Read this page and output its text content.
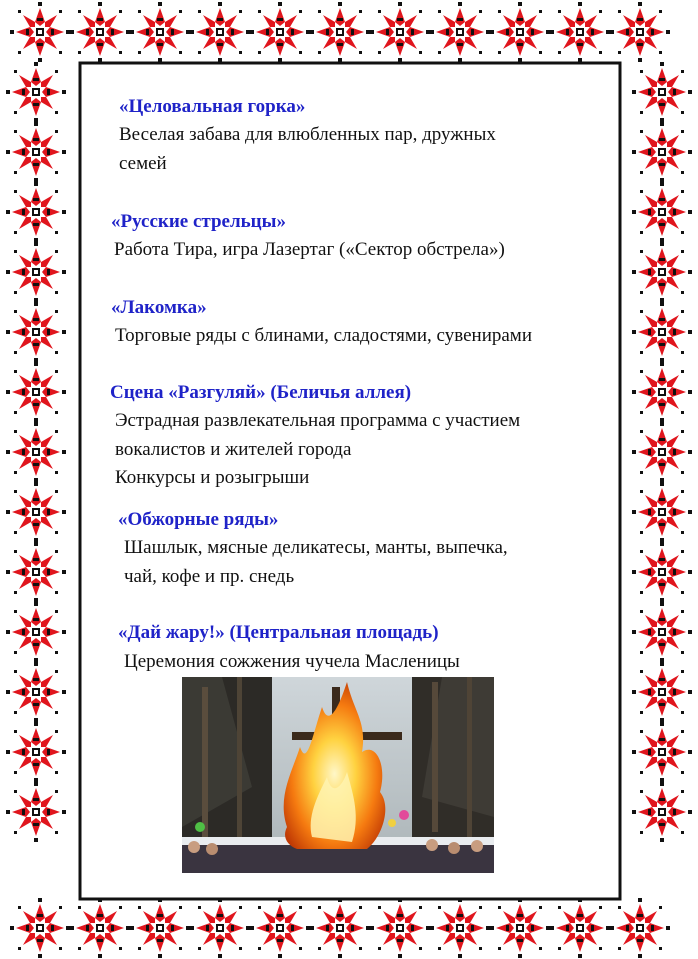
«Целовальная горка»
Веселая забава для влюбленных пар, дружных
семей
«Русские стрельцы»
Работа Тира, игра Лазертаг («Сектор обстрела»)
«Лакомка»
Торговые ряды с блинами, сладостями, сувенирами
Сцена «Разгуляй» (Беличья аллея)
Эстрадная развлекательная программа с участием
вокалистов и жителей города
Конкурсы и розыгрыши
«Обжорные ряды»
Шашлык, мясные деликатесы, манты, выпечка,
чай, кофе и пр. снедь
«Дай жару!» (Центральная площадь)
Церемония сожжения чучела Масленицы
